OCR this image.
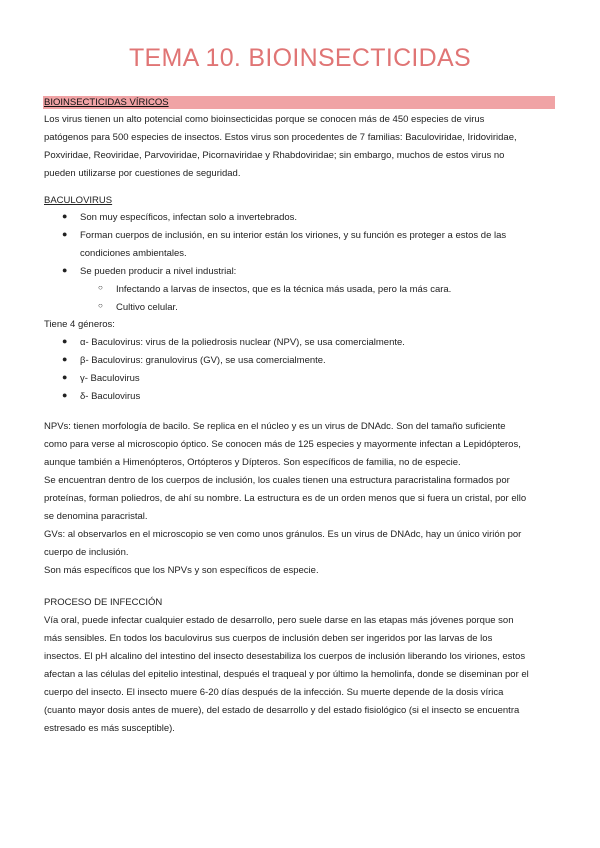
TEMA 10. BIOINSECTICIDAS
BIOINSECTICIDAS VÍRICOS

Los virus tienen un alto potencial como bioinsecticidas porque se conocen más de 450 especies de virus

patógenos para 500 especies de insectos. Estos virus son procedentes de 7 familias: Baculoviridae, Iridoviridae,

Poxviridae, Reoviridae, Parvoviridae, Picornaviridae y Rhabdoviridae; sin embargo, muchos de estos virus no

pueden utilizarse por cuestiones de seguridad.

BACULOVIRUS

● Son muy específicos, infectan solo a invertebrados.
● Forman cuerpos de inclusión, en su interior están los viriones, y su función es proteger a estos de las
condiciones ambientales.
● Se pueden producir a nivel industrial:
○ Infectando a larvas de insectos, que es la técnica más usada, pero la más cara.
○ Cultivo celular.

Tiene 4 géneros:

● α- Baculovirus: virus de la poliedrosis nuclear (NPV), se usa comercialmente.
● β- Baculovirus: granulovirus (GV), se usa comercialmente.
● γ- Baculovirus
● δ- Baculovirus

NPVs: tienen morfología de bacilo. Se replica en el núcleo y es un virus de DNAdc. Son del tamaño suficiente

como para verse al microscopio óptico. Se conocen más de 125 especies y mayormente infectan a Lepidópteros,

aunque también a Himenópteros, Ortópteros y Dípteros. Son específicos de familia, no de especie.

Se encuentran dentro de los cuerpos de inclusión, los cuales tienen una estructura paracristalina formados por

proteínas, forman poliedros, de ahí su nombre. La estructura es de un orden menos que si fuera un cristal, por ello

se denomina paracristal.

GVs: al observarlos en el microscopio se ven como unos gránulos. Es un virus de DNAdc, hay un único virión por

cuerpo de inclusión.

Son más específicos que los NPVs y son específicos de especie.

PROCESO DE INFECCIÓN

Vía oral, puede infectar cualquier estado de desarrollo, pero suele darse en las etapas más jóvenes porque son

más sensibles. En todos los baculovirus sus cuerpos de inclusión deben ser ingeridos por las larvas de los

insectos. El pH alcalino del intestino del insecto desestabiliza los cuerpos de inclusión liberando los viriones, estos

afectan a las células del epitelio intestinal, después el traqueal y por último la hemolinfa, donde se diseminan por el

cuerpo del insecto. El insecto muere 6-20 días después de la infección. Su muerte depende de la dosis vírica

(cuanto mayor dosis antes de muere), del estado de desarrollo y del estado fisiológico (si el insecto se encuentra

estresado es más susceptible).
